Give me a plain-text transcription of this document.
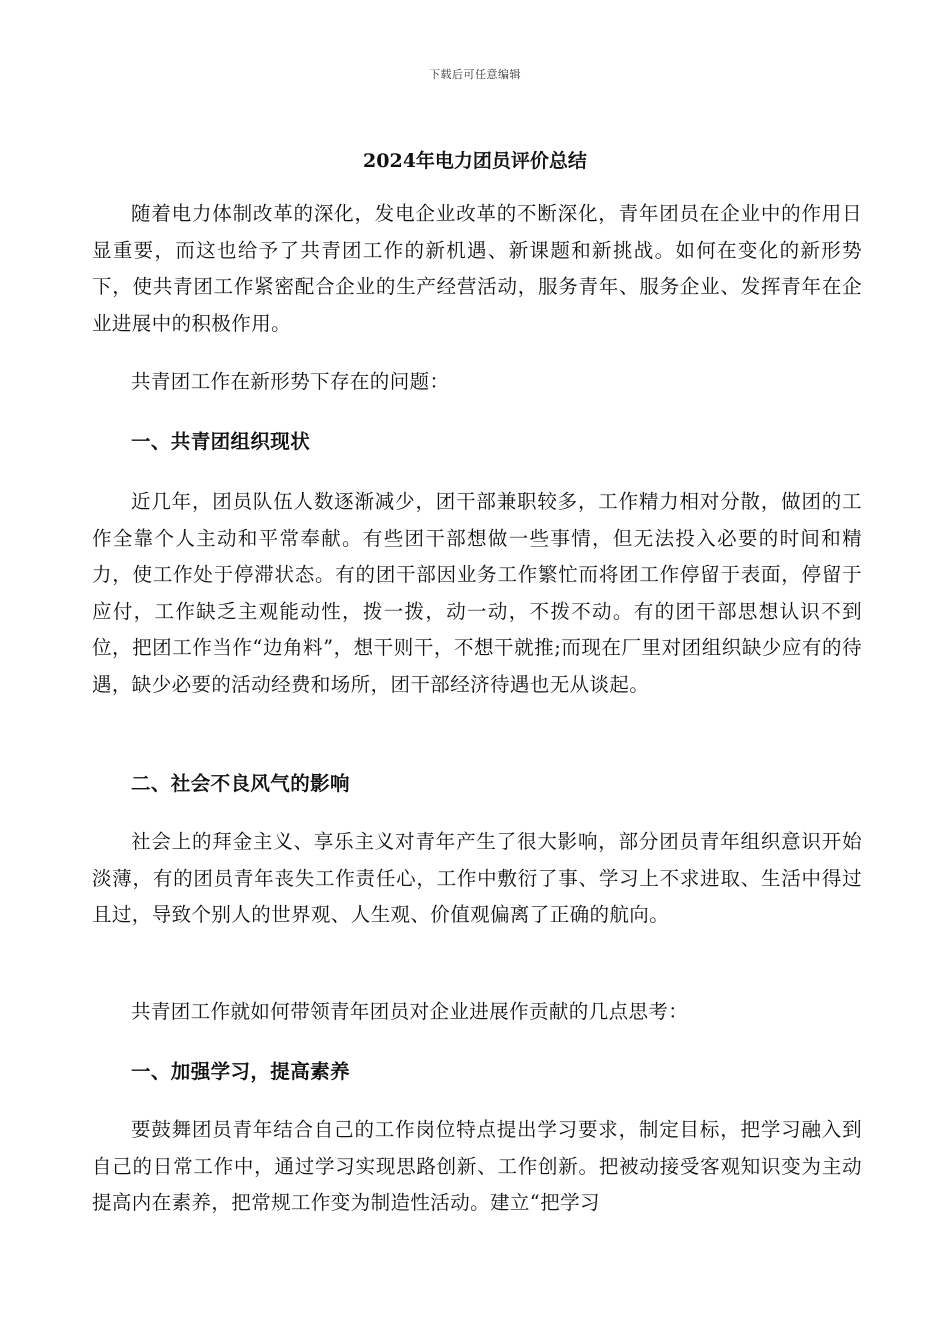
下载后可任意编辑
2024年电力团员评价总结

随着电力体制改革的深化，发电企业改革的不断深化，青年团员在企业中的作用日显重要，而这也给予了共青团工作的新机遇、新课题和新挑战。如何在变化的新形势下，使共青团工作紧密配合企业的生产经营活动，服务青年、服务企业、发挥青年在企业进展中的积极作用。

共青团工作在新形势下存在的问题：

一、共青团组织现状

近几年，团员队伍人数逐渐减少，团干部兼职较多，工作精力相对分散，做团的工作全靠个人主动和平常奉献。有些团干部想做一些事情，但无法投入必要的时间和精力，使工作处于停滞状态。有的团干部因业务工作繁忙而将团工作停留于表面，停留于应付，工作缺乏主观能动性，拨一拨，动一动，不拨不动。有的团干部思想认识不到位，把团工作当作“边角料”，想干则干，不想干就推;而现在厂里对团组织缺少应有的待遇，缺少必要的活动经费和场所，团干部经济待遇也无从谈起。

二、社会不良风气的影响

社会上的拜金主义、享乐主义对青年产生了很大影响，部分团员青年组织意识开始淡薄，有的团员青年丧失工作责任心，工作中敷衍了事、学习上不求进取、生活中得过且过，导致个别人的世界观、人生观、价值观偏离了正确的航向。

共青团工作就如何带领青年团员对企业进展作贡献的几点思考：

一、加强学习，提高素养

要鼓舞团员青年结合自己的工作岗位特点提出学习要求，制定目标，把学习融入到自己的日常工作中，通过学习实现思路创新、工作创新。把被动接受客观知识变为主动提高内在素养，把常规工作变为制造性活动。建立“把学习
